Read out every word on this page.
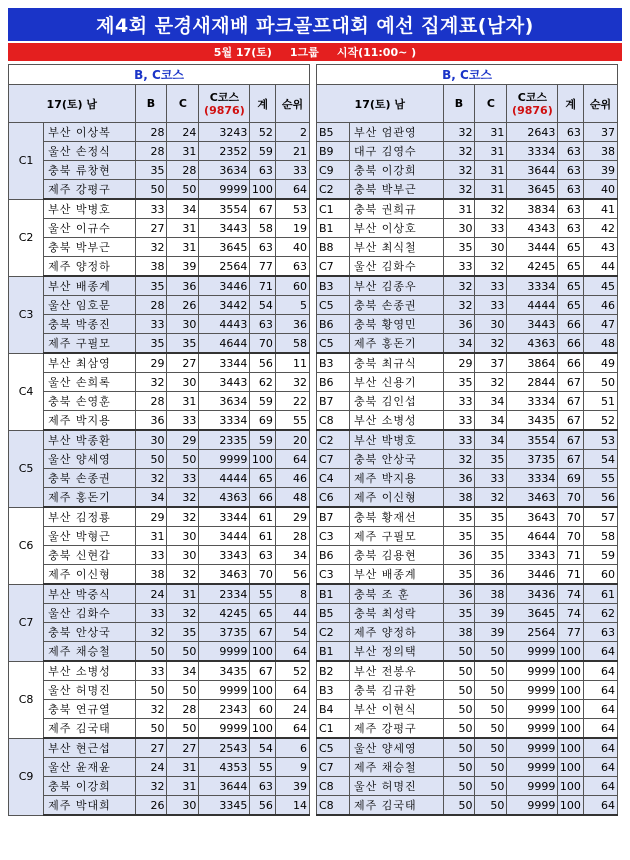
제4회 문경새재배 파크골프대회 예선 집계표(남자)
5월 17(토) 1그룹 시작(11:00~ )
B, C코스						
17(토) 남		B	C	C코스
(9876)	계	순위
C1	부산 이상복	28	24	3243	52	2
	울산 손정식	28	31	2352	59	21
	충북 류창현	35	28	3634	63	33
	제주 강평구	50	50	9999	100	64
C2	부산 박병호	33	34	3554	67	53
	울산 이규수	27	31	3443	58	19
	충북 박부근	32	31	3645	63	40
	제주 양정하	38	39	2564	77	63
C3	부산 배종계	35	36	3446	71	60
	울산 임호문	28	26	3442	54	5
	충북 박종진	33	30	4443	63	36
	제주 구필모	35	35	4644	70	58
C4	부산 최삼영	29	27	3344	56	11
	울산 손희록	32	30	3443	62	32
	충북 손영훈	28	31	3634	59	22
	제주 박지용	36	33	3334	69	55
C5	부산 박종환	30	29	2335	59	20
	울산 양세영	50	50	9999	100	64
	충북 손종권	32	33	4444	65	46
	제주 홍돈기	34	32	4363	66	48
C6	부산 김정룡	29	32	3344	61	29
	울산 박형근	31	30	3444	61	28
	충북 신현갑	33	30	3343	63	34
	제주 이신형	38	32	3463	70	56
C7	부산 박중식	24	31	2334	55	8
	울산 김화수	33	32	4245	65	44
	충북 안상국	32	35	3735	67	54
	제주 채승철	50	50	9999	100	64
C8	부산 소병성	33	34	3435	67	52
	울산 허명진	50	50	9999	100	64
	충북 연규열	32	28	2343	60	24
	제주 김국태	50	50	9999	100	64
C9	부산 현근섭	27	27	2543	54	6
	울산 윤재윤	24	31	4353	55	9
	충북 이강희	32	31	3644	63	39
	제주 박대희	26	30	3345	56	14
B, C코스						
17(토) 남		B	C	C코스
(9876)	계	순위
B5	부산 엄관영	32	31	2643	63	37
B9	대구 김영수	32	31	3334	63	38
C9	충북 이강희	32	31	3644	63	39
C2	충북 박부근	32	31	3645	63	40
C1	충북 권희규	31	32	3834	63	41
B1	부산 이상호	30	33	4343	63	42
B8	부산 최식철	35	30	3444	65	43
C7	울산 김화수	33	32	4245	65	44
B3	부산 김종우	32	33	3334	65	45
C5	충북 손종권	32	33	4444	65	46
B6	충북 황영민	36	30	3443	66	47
C5	제주 홍돈기	34	32	4363	66	48
B3	충북 최규식	29	37	3864	66	49
B6	부산 신용기	35	32	2844	67	50
B7	충북 김인섭	33	34	3334	67	51
C8	부산 소병성	33	34	3435	67	52
C2	부산 박병호	33	34	3554	67	53
C7	충북 안상국	32	35	3735	67	54
C4	제주 박지용	36	33	3334	69	55
C6	제주 이신형	38	32	3463	70	56
B7	충북 황재선	35	35	3643	70	57
C3	제주 구필모	35	35	4644	70	58
B6	충북 김용현	36	35	3343	71	59
C3	부산 배종계	35	36	3446	71	60
B1	충북 조 훈	36	38	3436	74	61
B5	충북 최성락	35	39	3645	74	62
C2	제주 양정하	38	39	2564	77	63
B1	부산 정의택	50	50	9999	100	64
B2	부산 전봉우	50	50	9999	100	64
B3	충북 김규환	50	50	9999	100	64
B4	부산 이현식	50	50	9999	100	64
C1	제주 강평구	50	50	9999	100	64
C5	울산 양세영	50	50	9999	100	64
C7	제주 채승철	50	50	9999	100	64
C8	울산 허명진	50	50	9999	100	64
C8	제주 김국태	50	50	9999	100	64
